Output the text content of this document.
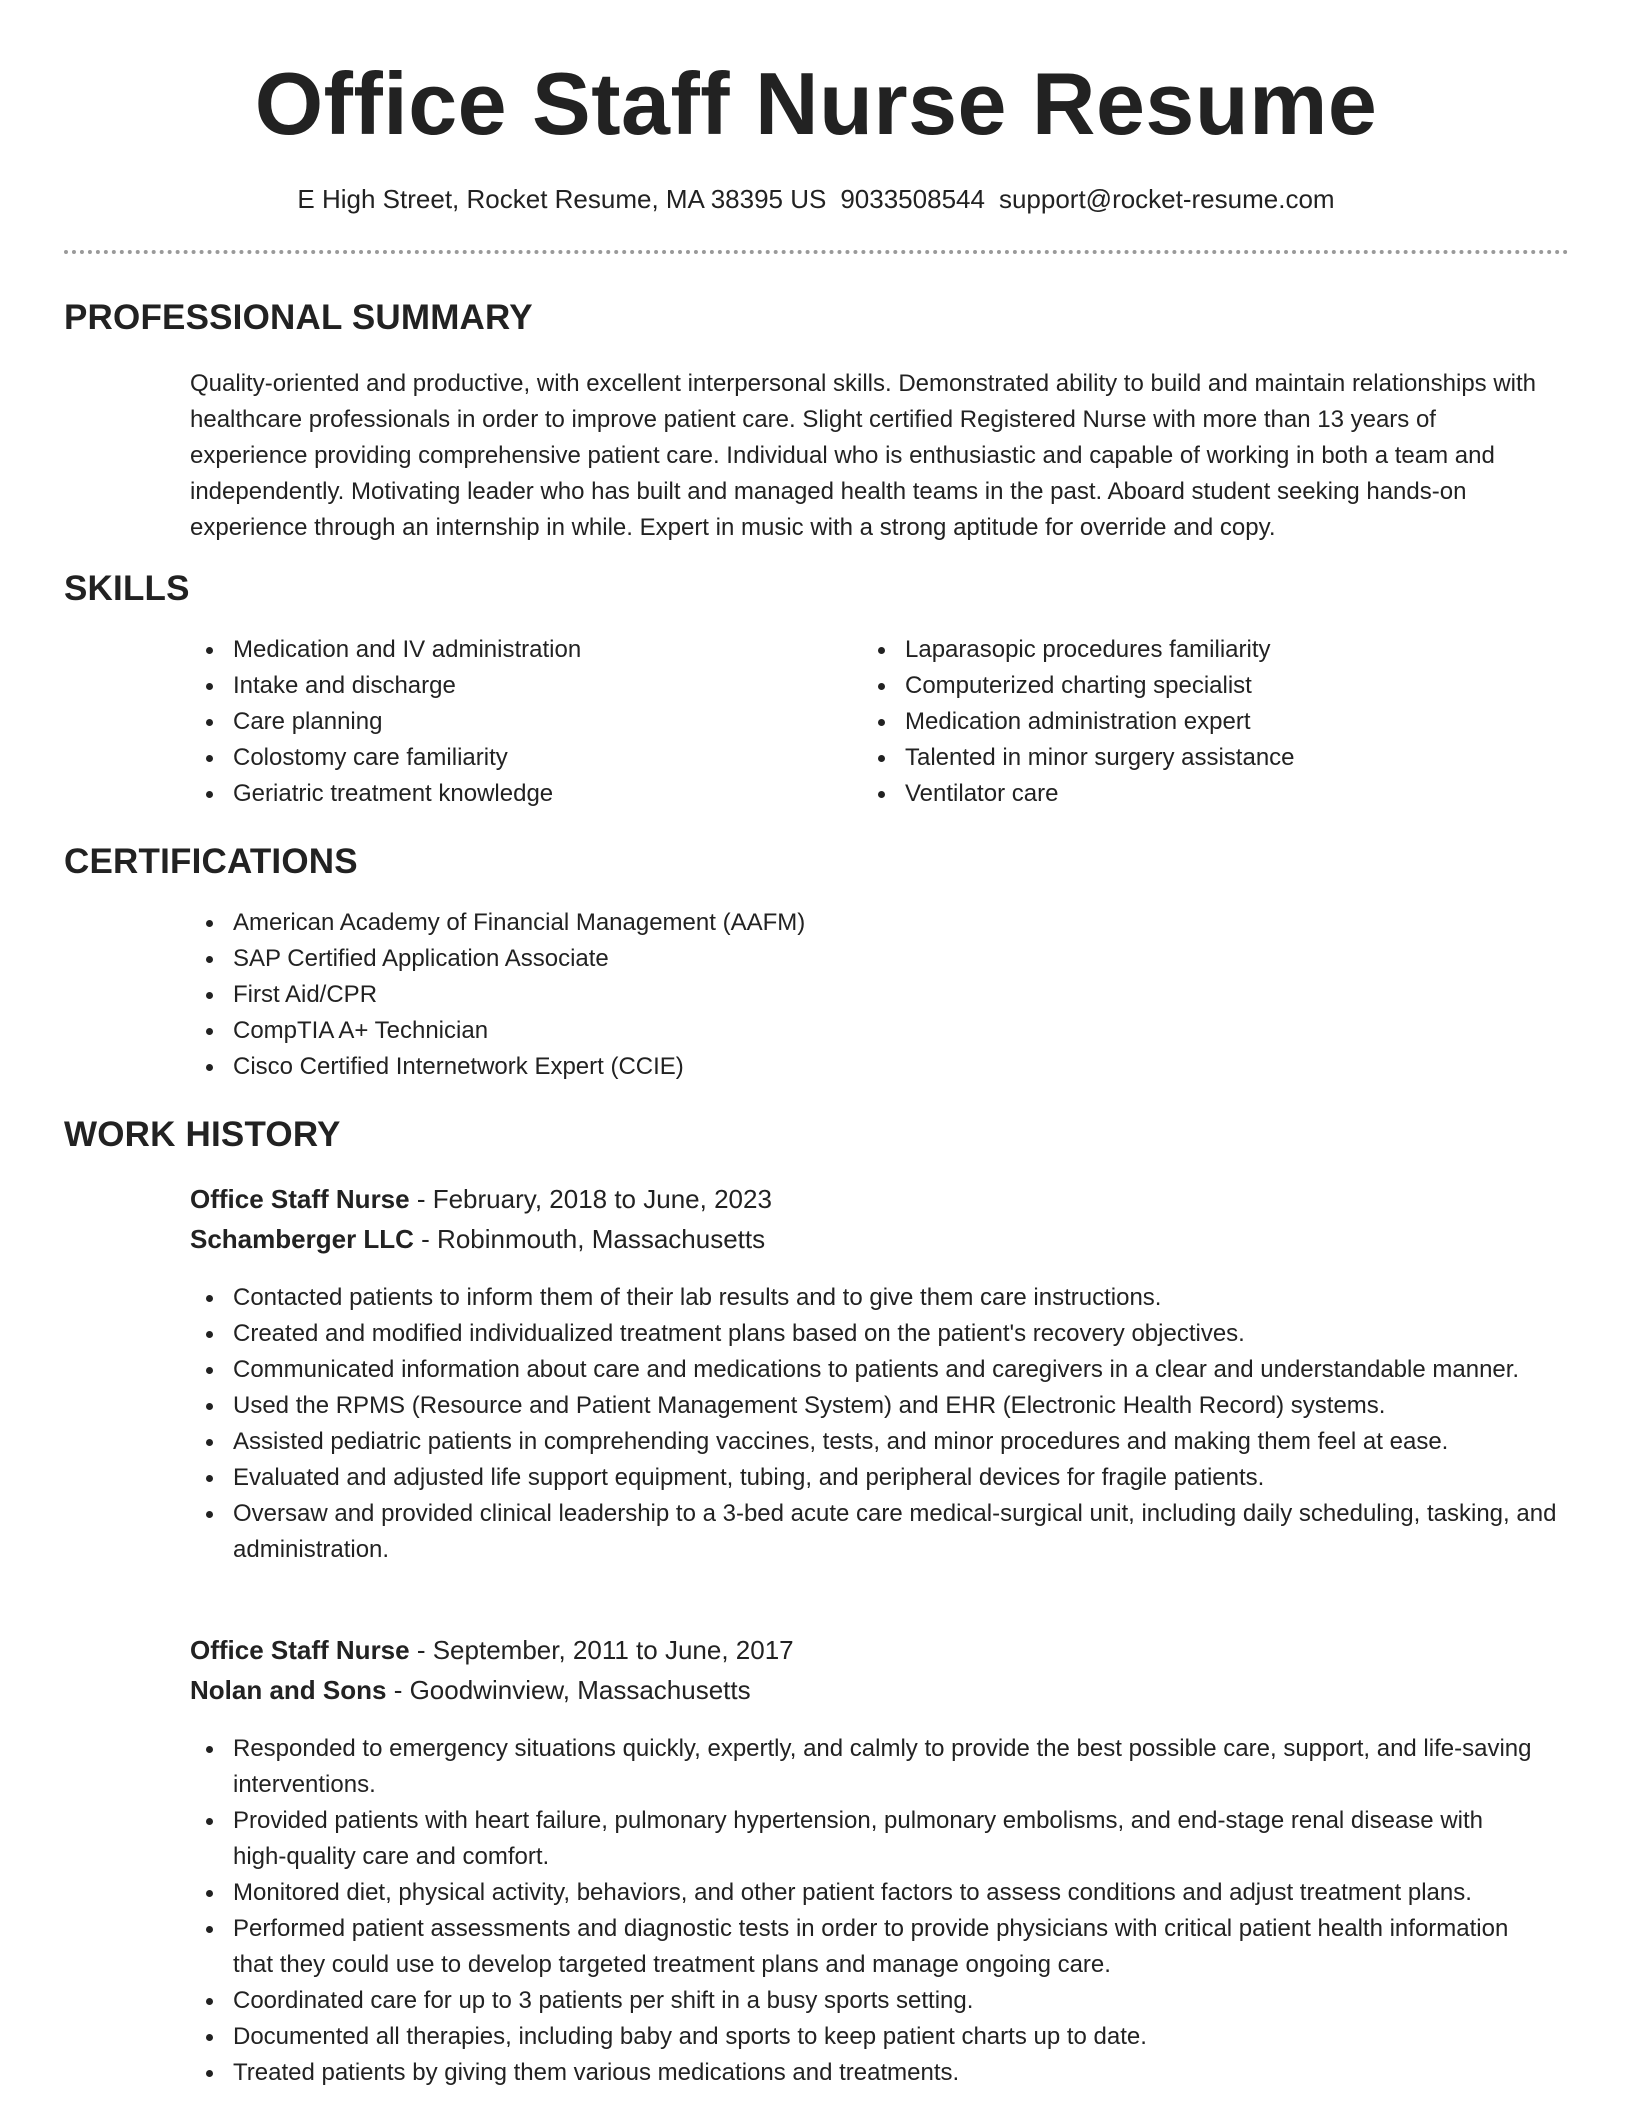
Office Staff Nurse Resume
E High Street, Rocket Resume, MA 38395 US 9033508544 support@rocket-resume.com
PROFESSIONAL SUMMARY
Quality-oriented and productive, with excellent interpersonal skills. Demonstrated ability to build and maintain relationships with healthcare professionals in order to improve patient care. Slight certified Registered Nurse with more than 13 years of experience providing comprehensive patient care. Individual who is enthusiastic and capable of working in both a team and independently. Motivating leader who has built and managed health teams in the past. Aboard student seeking hands-on experience through an internship in while. Expert in music with a strong aptitude for override and copy.
SKILLS
Medication and IV administration
Intake and discharge
Care planning
Colostomy care familiarity
Geriatric treatment knowledge
Laparasopic procedures familiarity
Computerized charting specialist
Medication administration expert
Talented in minor surgery assistance
Ventilator care
CERTIFICATIONS
American Academy of Financial Management (AAFM)
SAP Certified Application Associate
First Aid/CPR
CompTIA A+ Technician
Cisco Certified Internetwork Expert (CCIE)
WORK HISTORY
Office Staff Nurse - February, 2018 to June, 2023
Schamberger LLC - Robinmouth, Massachusetts
Contacted patients to inform them of their lab results and to give them care instructions.
Created and modified individualized treatment plans based on the patient's recovery objectives.
Communicated information about care and medications to patients and caregivers in a clear and understandable manner.
Used the RPMS (Resource and Patient Management System) and EHR (Electronic Health Record) systems.
Assisted pediatric patients in comprehending vaccines, tests, and minor procedures and making them feel at ease.
Evaluated and adjusted life support equipment, tubing, and peripheral devices for fragile patients.
Oversaw and provided clinical leadership to a 3-bed acute care medical-surgical unit, including daily scheduling, tasking, and administration.
Office Staff Nurse - September, 2011 to June, 2017
Nolan and Sons - Goodwinview, Massachusetts
Responded to emergency situations quickly, expertly, and calmly to provide the best possible care, support, and life-saving interventions.
Provided patients with heart failure, pulmonary hypertension, pulmonary embolisms, and end-stage renal disease with high-quality care and comfort.
Monitored diet, physical activity, behaviors, and other patient factors to assess conditions and adjust treatment plans.
Performed patient assessments and diagnostic tests in order to provide physicians with critical patient health information that they could use to develop targeted treatment plans and manage ongoing care.
Coordinated care for up to 3 patients per shift in a busy sports setting.
Documented all therapies, including baby and sports to keep patient charts up to date.
Treated patients by giving them various medications and treatments.
